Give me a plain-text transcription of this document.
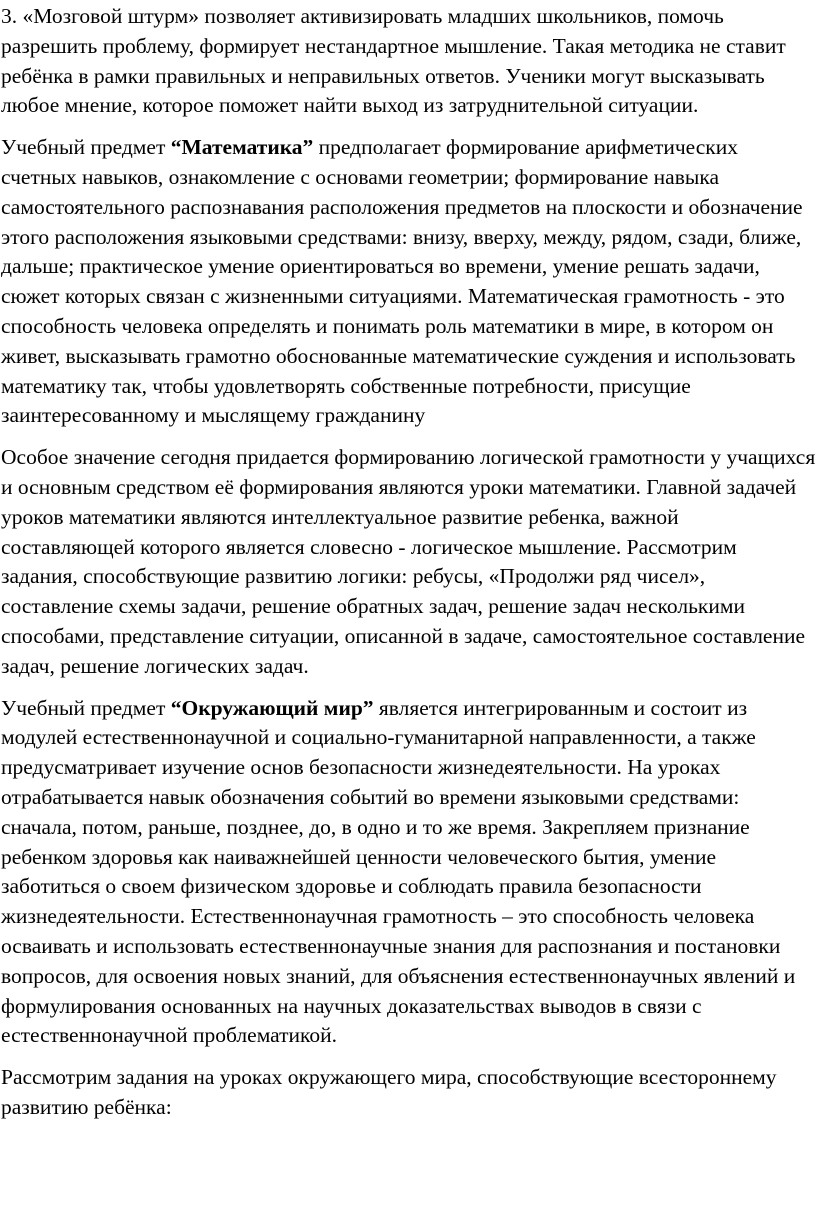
3. «Мозговой штурм» позволяет активизировать младших школьников, помочь разрешить проблему, формирует нестандартное мышление. Такая методика не ставит ребёнка в рамки правильных и неправильных ответов. Ученики могут высказывать любое мнение, которое поможет найти выход из затруднительной ситуации.

Учебный предмет “Математика” предполагает формирование арифметических счетных навыков, ознакомление с основами геометрии; формирование навыка самостоятельного распознавания расположения предметов на плоскости и обозначение этого расположения языковыми средствами: внизу, вверху, между, рядом, сзади, ближе, дальше; практическое умение ориентироваться во времени, умение решать задачи, сюжет которых связан с жизненными ситуациями. Математическая грамотность - это способность человека определять и понимать роль математики в мире, в котором он живет, высказывать грамотно обоснованные математические суждения и использовать математику так, чтобы удовлетворять собственные потребности, присущие заинтересованному и мыслящему гражданину

Особое значение сегодня придается формированию логической грамотности у учащихся и основным средством её формирования являются уроки математики. Главной задачей уроков математики являются интеллектуальное развитие ребенка, важной составляющей которого является словесно - логическое мышление. Рассмотрим задания, способствующие развитию логики: ребусы, «Продолжи ряд чисел», составление схемы задачи, решение обратных задач, решение задач несколькими способами, представление ситуации, описанной в задаче, самостоятельное составление задач, решение логических задач.

Учебный предмет “Окружающий мир” является интегрированным и состоит из модулей естественнонаучной и социально-гуманитарной направленности, а также предусматривает изучение основ безопасности жизнедеятельности. На уроках отрабатывается навык обозначения событий во времени языковыми средствами: сначала, потом, раньше, позднее, до, в одно и то же время. Закрепляем признание ребенком здоровья как наиважнейшей ценности человеческого бытия, умение заботиться о своем физическом здоровье и соблюдать правила безопасности жизнедеятельности. Естественнонаучная грамотность – это способность человека осваивать и использовать естественнонаучные знания для распознания и постановки вопросов, для освоения новых знаний, для объяснения естественнонаучных явлений и формулирования основанных на научных доказательствах выводов в связи с естественнонаучной проблематикой.

Рассмотрим задания на уроках окружающего мира, способствующие всестороннему развитию ребёнка:
